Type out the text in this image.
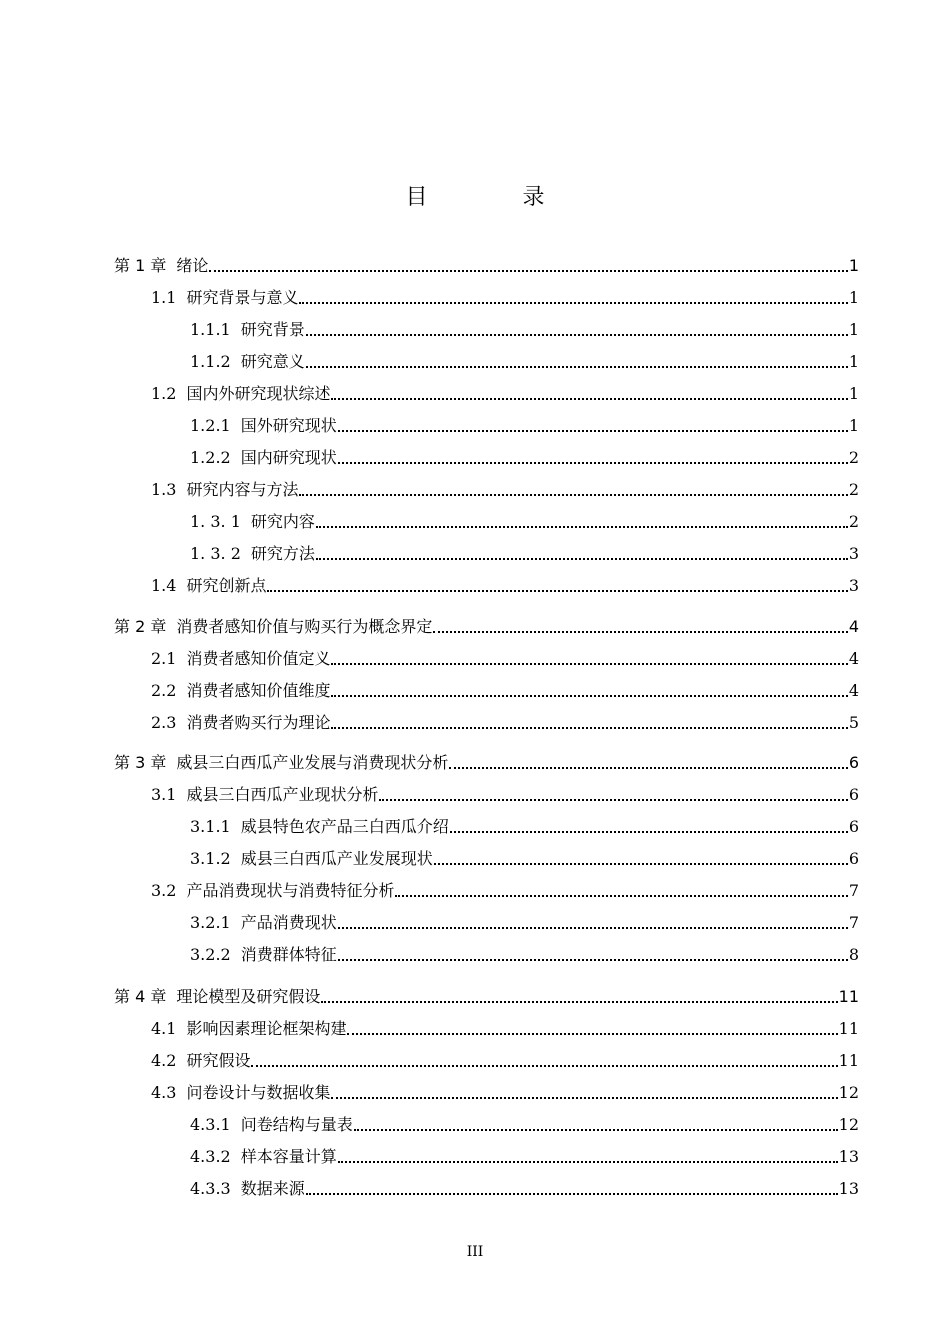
目 录
第 1 章 绪论	1
1.1 研究背景与意义	1
1.1.1 研究背景	1
1.1.2 研究意义	1
1.2 国内外研究现状综述	1
1.2.1 国外研究现状	1
1.2.2 国内研究现状	2
1.3 研究内容与方法	2
1. 3. 1 研究内容	2
1. 3. 2 研究方法	3
1.4 研究创新点	3
第 2 章 消费者感知价值与购买行为概念界定	4
2.1 消费者感知价值定义	4
2.2 消费者感知价值维度	4
2.3 消费者购买行为理论	5
第 3 章 威县三白西瓜产业发展与消费现状分析	6
3.1 威县三白西瓜产业现状分析	6
3.1.1 威县特色农产品三白西瓜介绍	6
3.1.2 威县三白西瓜产业发展现状	6
3.2 产品消费现状与消费特征分析	7
3.2.1 产品消费现状	7
3.2.2 消费群体特征	8
第 4 章 理论模型及研究假设	11
4.1 影响因素理论框架构建	11
4.2 研究假设	11
4.3 问卷设计与数据收集	12
4.3.1 问卷结构与量表	12
4.3.2 样本容量计算	13
4.3.3 数据来源	13
III
